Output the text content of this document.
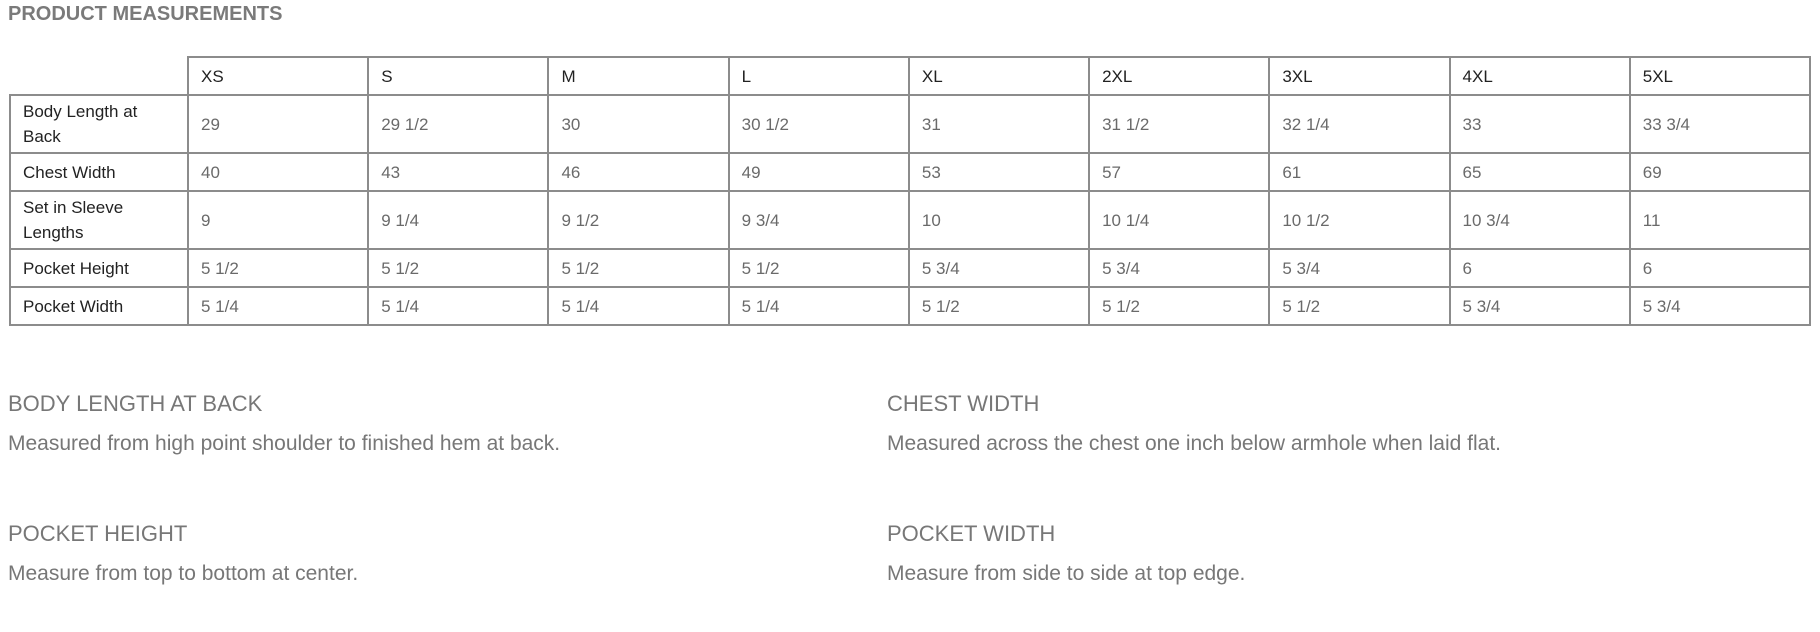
PRODUCT MEASUREMENTS
	XS	S	M	L	XL	2XL	3XL	4XL	5XL
Body Length at Back	29	29 1/2	30	30 1/2	31	31 1/2	32 1/4	33	33 3/4
Chest Width	40	43	46	49	53	57	61	65	69
Set in Sleeve Lengths	9	9 1/4	9 1/2	9 3/4	10	10 1/4	10 1/2	10 3/4	11
Pocket Height	5 1/2	5 1/2	5 1/2	5 1/2	5 3/4	5 3/4	5 3/4	6	6
Pocket Width	5 1/4	5 1/4	5 1/4	5 1/4	5 1/2	5 1/2	5 1/2	5 3/4	5 3/4

BODY LENGTH AT BACK

Measured from high point shoulder to finished hem at back.

CHEST WIDTH

Measured across the chest one inch below armhole when laid flat.

POCKET HEIGHT

Measure from top to bottom at center.

POCKET WIDTH

Measure from side to side at top edge.
